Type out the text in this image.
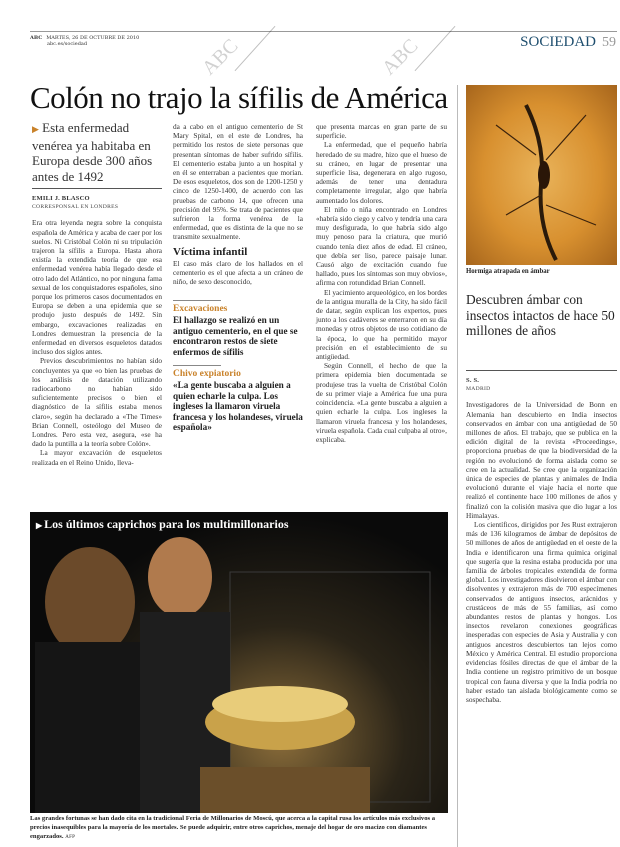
ABC MARTES, 26 DE OCTUBRE DE 2010
abc.es/sociedad	SOCIEDAD 59
Colón no trajo la sífilis de América
▶ Esta enfermedad venérea ya habitaba en Europa desde 300 años antes de 1492
EMILI J. BLASCO
CORRESPONSAL EN LONDRES

Era otra leyenda negra sobre la conquista española de América y acaba de caer por los suelos. Ni Cristóbal Colón ni su tripulación trajeron la sífilis a Europa. Hasta ahora existía la extendida teoría de que esa enfermedad venérea había llegado desde el otro lado del Atlántico, no por ninguna fama sexual de los conquistadores españoles, sino porque los primeros casos documentados en Europa se deben a una epidemia que se produjo justo después de 1492. Sin embargo, excavaciones realizadas en Londres demuestran la presencia de la enfermedad en diversos esqueletos datados incluso dos siglos antes.

Previos descubrimientos no habían sido concluyentes ya que «o bien las pruebas de los análisis de datación utilizando radiocarbono no habían sido suficientemente precisos o bien el diagnóstico de la sífilis estaba menos claro», según ha declarado a «The Times» Brian Connell, osteólogo del Museo de Londres. Pero esta vez, asegura, «se ha dado la puntilla a la teoría sobre Colón».

La mayor excavación de esqueletos realizada en el Reino Unido, lleva-

da a cabo en el antiguo cementerio de St Mary Spital, en el este de Londres, ha permitido los restos de siete personas que presentan síntomas de haber sufrido sífilis. El cementerio estaba junto a un hospital y en él se enterraban a pacientes que morían. De esos esqueletos, dos son de 1200-1250 y cinco de 1250-1400, de acuerdo con las pruebas de carbono 14, que ofrecen una precisión del 95%. Se trata de pacientes que sufrieron la forma venérea de la enfermedad, que es distinta de la que no se transmite sexualmente.

Víctima infantil

El caso más claro de los hallados en el cementerio es el que afecta a un cráneo de niño, de sexo desconocido,

Excavaciones
El hallazgo se realizó en un antiguo cementerio, en el que se encontraron restos de siete enfermos de sífilis
Chivo expiatorio
«La gente buscaba a alguien a quien echarle la culpa. Los ingleses la llamaron viruela francesa y los holandeses, viruela española»

que presenta marcas en gran parte de su superficie.

La enfermedad, que el pequeño habría heredado de su madre, hizo que el hueso de su cráneo, en lugar de presentar una superficie lisa, degenerara en algo rugoso, además de tener una dentadura completamente irregular, algo que habría aumentado los dolores.

El niño o niña encontrado en Londres «habría sido ciego y calvo y tendría una cara muy desfigurada, lo que habría sido algo muy penoso para la criatura, que murió cuando tenía diez años de edad. El cráneo, que debía ser liso, parece paisaje lunar. Causó algo de excitación cuando fue hallado, pues los síntomas son muy obvios», afirma con rotundidad Brian Connell.

El yacimiento arqueológico, en los bordes de la antigua muralla de la City, ha sido fácil de datar, según explican los expertos, pues junto a los cadáveres se enterraron en su día monedas y otros objetos de uso cotidiano de la época, lo que ha permitido mayor precisión en el establecimiento de su antigüedad.

Según Connell, el hecho de que la primera epidemia bien documentada se produjese tras la vuelta de Cristóbal Colón de su primer viaje a América fue una pura coincidencia. «La gente buscaba a alguien a quien echarle la culpa. Los ingleses la llamaron viruela francesa y los holandeses, viruela española. Cada cual culpaba al otro», explicaba.

▶ Los últimos caprichos para los multimillonarios
Las grandes fortunas se han dado cita en la tradicional Feria de Millonarios de Moscú, que acerca a la capital rusa los artículos más exclusivos a precios inasequibles para la mayoría de los mortales. Se puede adquirir, entre otros caprichos, menaje del hogar de oro macizo con diamantes engarzados. AFP
Hormiga atrapada en ámbar
Descubren ámbar con insectos intactos de hace 50 millones de años
S. S.
MADRID

Investigadores de la Universidad de Bonn en Alemania han descubierto en India insectos conservados en ámbar con una antigüedad de 50 millones de años. El trabajo, que se publica en la edición digital de la revista «Proceedings», proporciona pruebas de que la biodiversidad de la región no evolucionó de forma aislada como se cree en la actualidad. Se cree que la organización única de especies de plantas y animales de India evolucionó durante el viaje hacia el norte que realizó el continente hace 100 millones de años y finalizó con la colisión masiva que dio lugar a los Himalayas.

Los científicos, dirigidos por Jes Rust extrajeron más de 136 kilogramos de ámbar de depósitos de 50 millones de años de antigüedad en el oeste de la India e identificaron una firma química original que sugería que la resina estaba producida por una familia de árboles tropicales extendida de forma global. Los investigadores disolvieron el ámbar con disolventes y extrajeron más de 700 especímenes conservados de antiguos insectos, arácnidos y crustáceos de más de 55 familias, así como abundantes restos de plantas y hongos. Los insectos revelaron conexiones geográficas inesperadas con especies de Asia y Australia y con antiguos ancestros descubiertos tan lejos como México y América Central. El estudio proporciona evidencias fósiles directas de que el ámbar de la India contiene un registro primitivo de un bosque tropical con fauna diversa y que la India podría no haber estado tan aislada biológicamente como se sospechaba.

ABC	ABC
